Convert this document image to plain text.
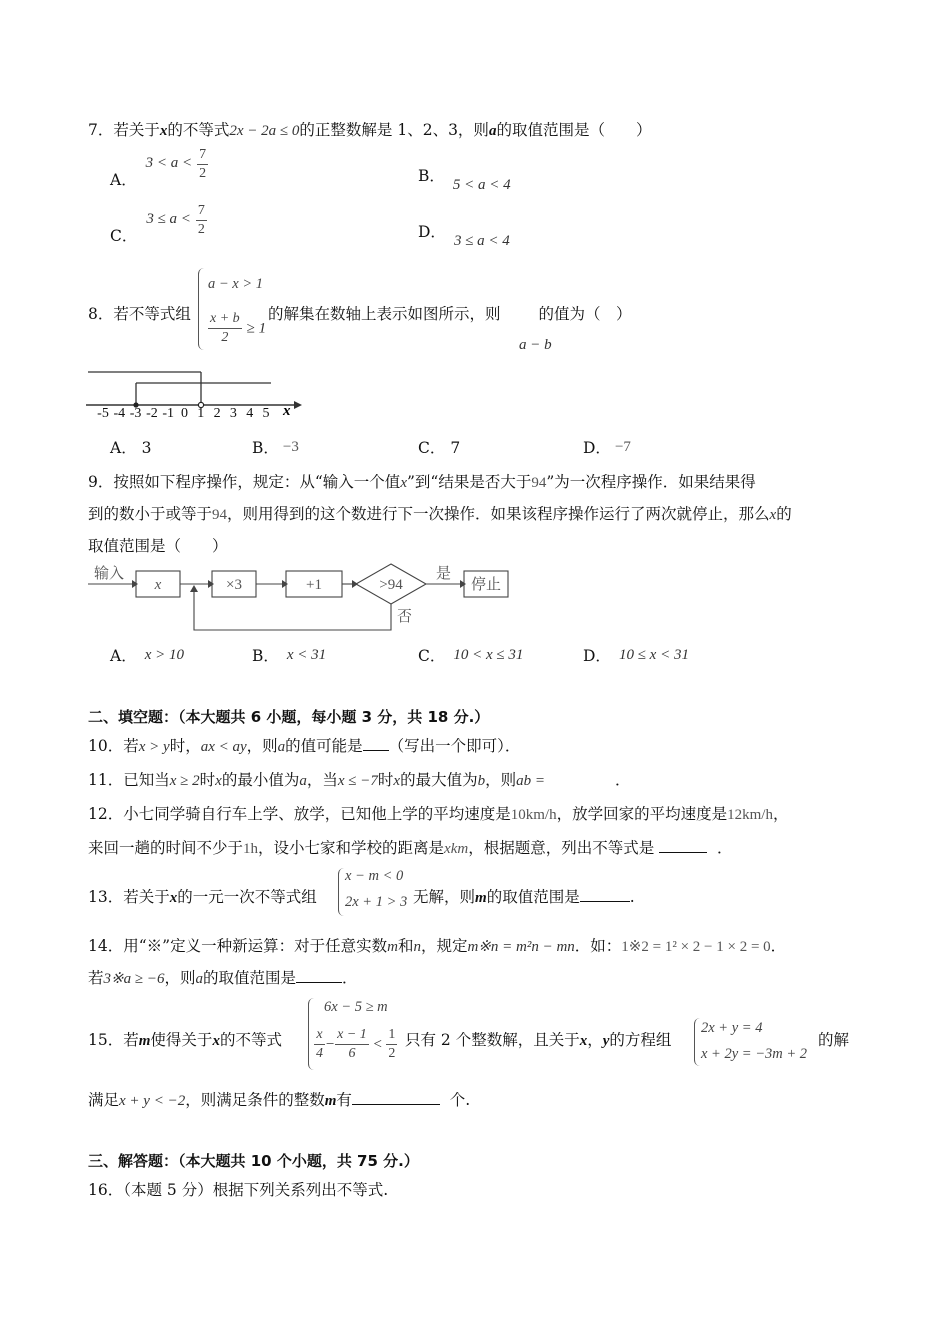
7．若关于x的不等式2x − 2a ≤ 0的正整数解是 1、2、3，则a的取值范围是（　　）
A． $3 < a < \frac{7}{2}$	B． 5 < a < 4
C． $3 \le a < \frac{7}{2}$	D． 3 ≤ a < 4
8．若不等式组
a − x > 1
$\frac{x + b}{2} \ge 1$
的解集在数轴上表示如图所示，则 的值为（　）
a − b
-5 -4 -3 -2 -1 0 1 2 3 4 5 x
A． 3	B． −3	C． 7	D． −7
9．按照如下程序操作，规定：从“输入一个值x”到“结果是否大于94”为一次程序操作．如果结果得
到的数小于或等于94，则用得到的这个数进行下一次操作．如果该程序操作运行了两次就停止，那么x的
取值范围是（　　）
输入
x	×3	+1	>94
是
停止
否
A． x > 10	B． x < 31	C． 10 < x ≤ 31	D． 10 ≤ x < 31
二、填空题：（本大题共 6 小题，每小题 3 分，共 18 分.）
10．若x > y时，ax < ay，则a的值可能是 （写出一个即可）．
11．已知当x ≥ 2时x的最小值为a，当x ≤ −7时x的最大值为b，则ab =	．
12．小七同学骑自行车上学、放学，已知他上学的平均速度是10km/h，放学回家的平均速度是12km/h，
来回一趟的时间不少于1h，设小七家和学校的距离是xkm，根据题意，列出不等式是	．
13．若关于x的一元一次不等式组
x − m < 0
2x + 1 > 3 无解，则m的取值范围是	.
14．用“※”定义一种新运算：对于任意实数m和n，规定m※n = m²n − mn．如：1※2 = 1² × 2 − 1 × 2 = 0．
若3※a ≥ −6，则a的取值范围是	．
15．若m使得关于x的不等式
6x − 5 ≥ m
$\frac{x}{4} - \frac{x - 1}{6} < \frac{1}{2}$ 只有 2 个整数解，且关于x，y的方程组
2x + y = 4
x + 2y = −3m + 2
的解
满足x + y < −2，则满足条件的整数m有	个.
三、解答题：（本大题共 10 个小题，共 75 分.）
16．（本题 5 分）根据下列关系列出不等式.
